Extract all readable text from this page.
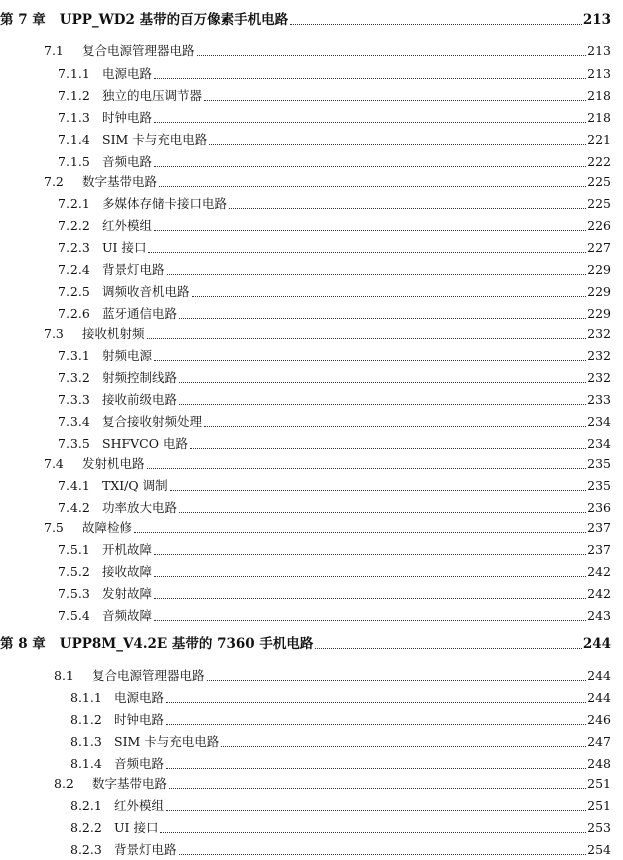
第 7 章 UPP_WD2 基带的百万像素手机电路	213
7.1	复合电源管理器电路	213
7.1.1 电源电路	213
7.1.2 独立的电压调节器	218
7.1.3 时钟电路	218
7.1.4 SIM 卡与充电电路	221
7.1.5 音频电路	222
7.2	数字基带电路	225
7.2.1 多媒体存储卡接口电路	225
7.2.2 红外模组	226
7.2.3 UI 接口	227
7.2.4 背景灯电路	229
7.2.5 调频收音机电路	229
7.2.6 蓝牙通信电路	229
7.3	接收机射频	232
7.3.1 射频电源	232
7.3.2 射频控制线路	232
7.3.3 接收前级电路	233
7.3.4 复合接收射频处理	234
7.3.5 SHFVCO 电路	234
7.4	发射机电路	235
7.4.1 TXI/Q 调制	235
7.4.2 功率放大电路	236
7.5	故障检修	237
7.5.1 开机故障	237
7.5.2 接收故障	242
7.5.3 发射故障	242
7.5.4 音频故障	243
第 8 章 UPP8M_V4.2E 基带的 7360 手机电路	244
8.1	复合电源管理器电路	244
8.1.1 电源电路	244
8.1.2 时钟电路	246
8.1.3 SIM 卡与充电电路	247
8.1.4 音频电路	248
8.2	数字基带电路	251
8.2.1 红外模组	251
8.2.2 UI 接口	253
8.2.3 背景灯电路	254
